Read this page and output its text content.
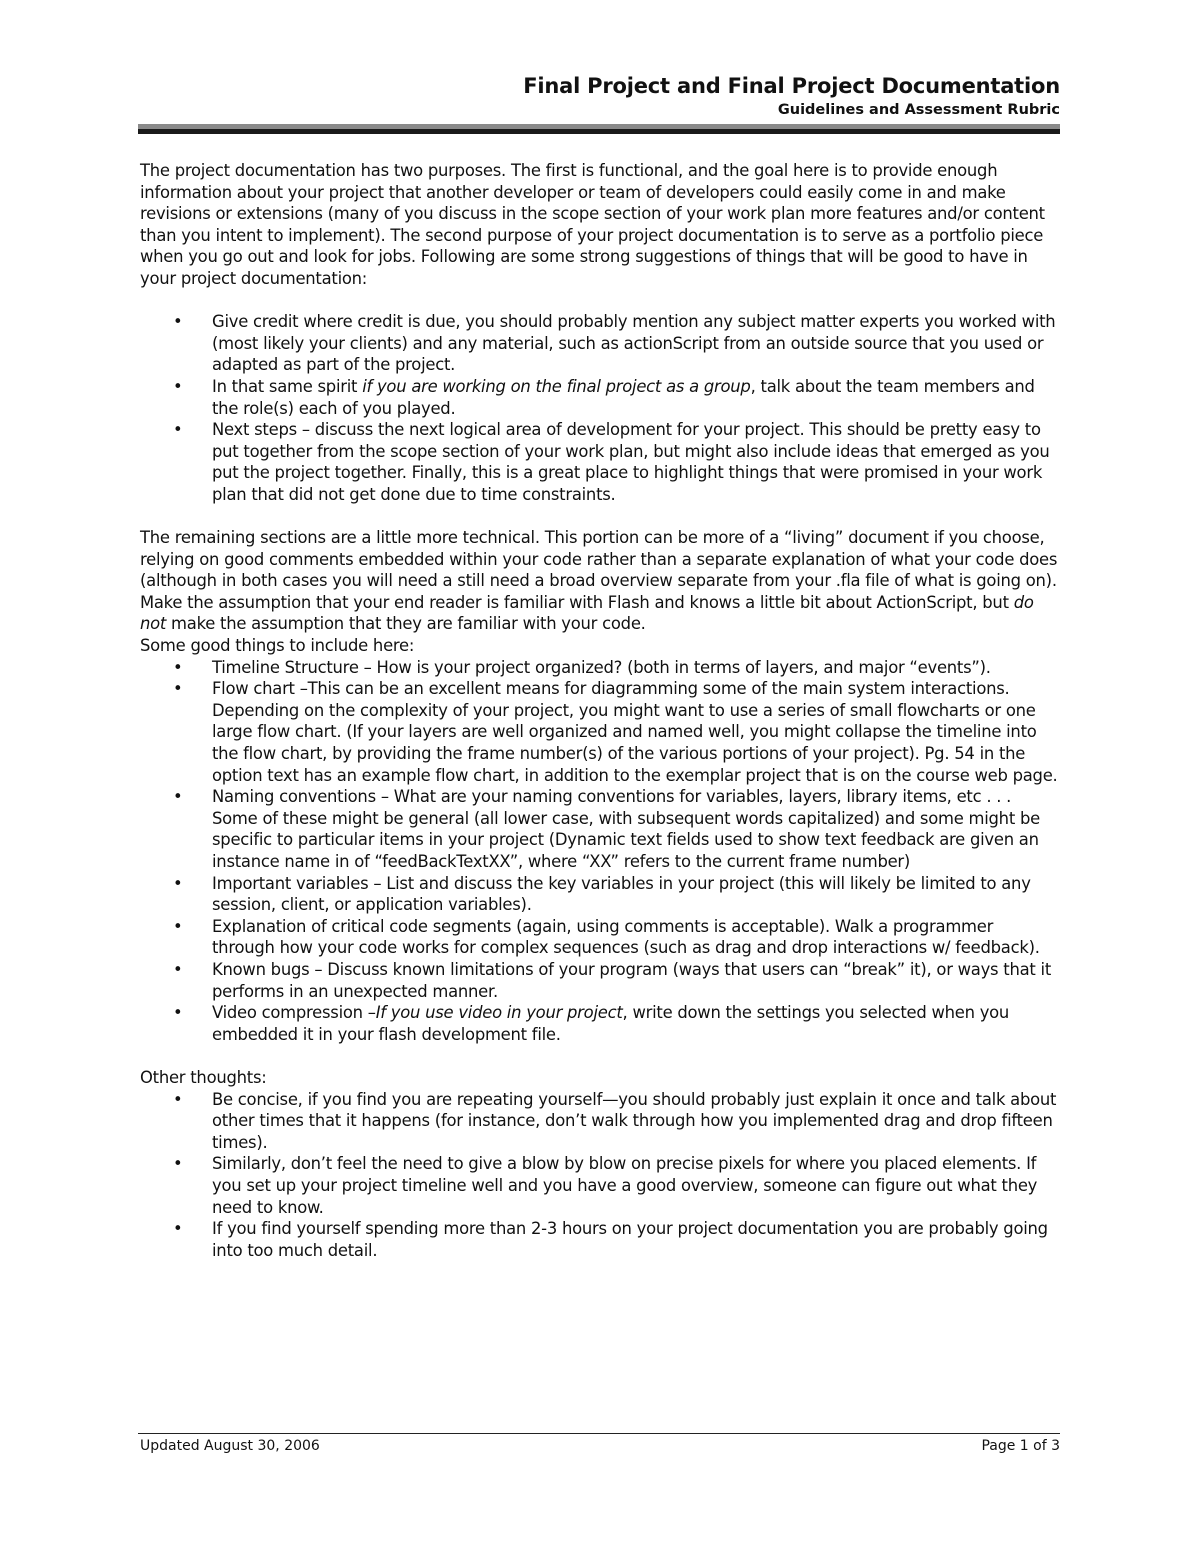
Final Project and Final Project Documentation
Guidelines and Assessment Rubric

The project documentation has two purposes. The first is functional, and the goal here is to provide enough information about your project that another developer or team of developers could easily come in and make revisions or extensions (many of you discuss in the scope section of your work plan more features and/or content than you intent to implement). The second purpose of your project documentation is to serve as a portfolio piece when you go out and look for jobs. Following are some strong suggestions of things that will be good to have in your project documentation:

• Give credit where credit is due, you should probably mention any subject matter experts you worked with (most likely your clients) and any material, such as actionScript from an outside source that you used or adapted as part of the project.
• In that same spirit if you are working on the final project as a group, talk about the team members and the role(s) each of you played.
• Next steps – discuss the next logical area of development for your project. This should be pretty easy to put together from the scope section of your work plan, but might also include ideas that emerged as you put the project together. Finally, this is a great place to highlight things that were promised in your work plan that did not get done due to time constraints.

The remaining sections are a little more technical. This portion can be more of a “living” document if you choose, relying on good comments embedded within your code rather than a separate explanation of what your code does (although in both cases you will need a still need a broad overview separate from your .fla file of what is going on). Make the assumption that your end reader is familiar with Flash and knows a little bit about ActionScript, but do not make the assumption that they are familiar with your code.

Some good things to include here:

• Timeline Structure – How is your project organized? (both in terms of layers, and major “events”).
• Flow chart –This can be an excellent means for diagramming some of the main system interactions. Depending on the complexity of your project, you might want to use a series of small flowcharts or one large flow chart. (If your layers are well organized and named well, you might collapse the timeline into the flow chart, by providing the frame number(s) of the various portions of your project). Pg. 54 in the option text has an example flow chart, in addition to the exemplar project that is on the course web page.
• Naming conventions – What are your naming conventions for variables, layers, library items, etc . . . Some of these might be general (all lower case, with subsequent words capitalized) and some might be specific to particular items in your project (Dynamic text fields used to show text feedback are given an instance name in of “feedBackTextXX”, where “XX” refers to the current frame number)
• Important variables – List and discuss the key variables in your project (this will likely be limited to any session, client, or application variables).
• Explanation of critical code segments (again, using comments is acceptable). Walk a programmer through how your code works for complex sequences (such as drag and drop interactions w/ feedback).
• Known bugs – Discuss known limitations of your program (ways that users can “break” it), or ways that it performs in an unexpected manner.
• Video compression –If you use video in your project, write down the settings you selected when you embedded it in your flash development file.

Other thoughts:

• Be concise, if you find you are repeating yourself—you should probably just explain it once and talk about other times that it happens (for instance, don’t walk through how you implemented drag and drop fifteen times).
• Similarly, don’t feel the need to give a blow by blow on precise pixels for where you placed elements. If you set up your project timeline well and you have a good overview, someone can figure out what they need to know.
• If you find yourself spending more than 2-3 hours on your project documentation you are probably going into too much detail.
Updated August 30, 2006	Page 1 of 3
